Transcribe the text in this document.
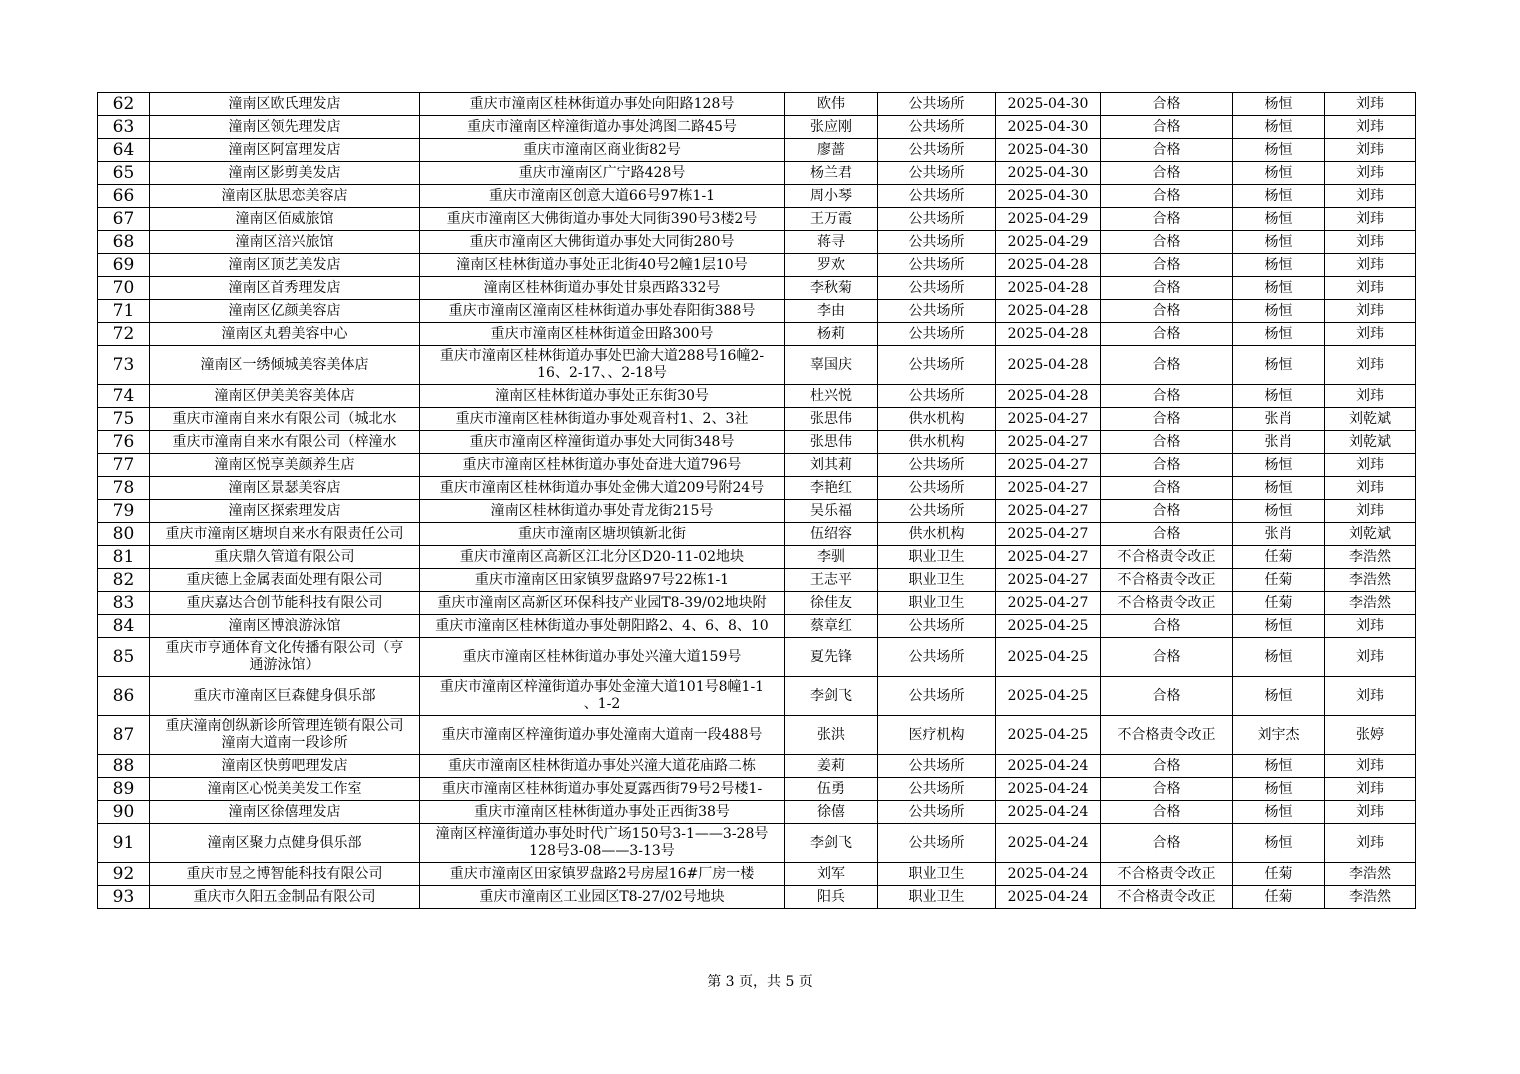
62	潼南区欧氏理发店	重庆市潼南区桂林街道办事处向阳路128号	欧伟	公共场所	2025-04-30	合格	杨恒	刘玮
63	潼南区领先理发店	重庆市潼南区梓潼街道办事处鸿图二路45号	张应刚	公共场所	2025-04-30	合格	杨恒	刘玮
64	潼南区阿富理发店	重庆市潼南区商业街82号	廖蔷	公共场所	2025-04-30	合格	杨恒	刘玮
65	潼南区影剪美发店	重庆市潼南区广宁路428号	杨兰君	公共场所	2025-04-30	合格	杨恒	刘玮
66	潼南区肽思恋美容店	重庆市潼南区创意大道66号97栋1-1	周小琴	公共场所	2025-04-30	合格	杨恒	刘玮
67	潼南区佰威旅馆	重庆市潼南区大佛街道办事处大同街390号3楼2号	王万霞	公共场所	2025-04-29	合格	杨恒	刘玮
68	潼南区涪兴旅馆	重庆市潼南区大佛街道办事处大同街280号	蒋寻	公共场所	2025-04-29	合格	杨恒	刘玮
69	潼南区顶艺美发店	潼南区桂林街道办事处正北街40号2幢1层10号	罗欢	公共场所	2025-04-28	合格	杨恒	刘玮
70	潼南区首秀理发店	潼南区桂林街道办事处甘泉西路332号	李秋菊	公共场所	2025-04-28	合格	杨恒	刘玮
71	潼南区亿颜美容店	重庆市潼南区潼南区桂林街道办事处春阳街388号	李由	公共场所	2025-04-28	合格	杨恒	刘玮
72	潼南区丸碧美容中心	重庆市潼南区桂林街道金田路300号	杨莉	公共场所	2025-04-28	合格	杨恒	刘玮
73	潼南区一绣倾城美容美体店	重庆市潼南区桂林街道办事处巴渝大道288号16幢2-
16、2-17、、2-18号	辜国庆	公共场所	2025-04-28	合格	杨恒	刘玮
74	潼南区伊美美容美体店	潼南区桂林街道办事处正东街30号	杜兴悦	公共场所	2025-04-28	合格	杨恒	刘玮
75	重庆市潼南自来水有限公司（城北水	重庆市潼南区桂林街道办事处观音村1、2、3社	张思伟	供水机构	2025-04-27	合格	张肖	刘乾斌
76	重庆市潼南自来水有限公司（梓潼水	重庆市潼南区梓潼街道办事处大同街348号	张思伟	供水机构	2025-04-27	合格	张肖	刘乾斌
77	潼南区悦享美颜养生店	重庆市潼南区桂林街道办事处奋进大道796号	刘其莉	公共场所	2025-04-27	合格	杨恒	刘玮
78	潼南区景瑟美容店	重庆市潼南区桂林街道办事处金佛大道209号附24号	李艳红	公共场所	2025-04-27	合格	杨恒	刘玮
79	潼南区探索理发店	潼南区桂林街道办事处青龙街215号	吴乐福	公共场所	2025-04-27	合格	杨恒	刘玮
80	重庆市潼南区塘坝自来水有限责任公司	重庆市潼南区塘坝镇新北街	伍绍容	供水机构	2025-04-27	合格	张肖	刘乾斌
81	重庆鼎久管道有限公司	重庆市潼南区高新区江北分区D20-11-02地块	李驯	职业卫生	2025-04-27	不合格责令改正	任菊	李浩然
82	重庆德上金属表面处理有限公司	重庆市潼南区田家镇罗盘路97号22栋1-1	王志平	职业卫生	2025-04-27	不合格责令改正	任菊	李浩然
83	重庆嘉达合创节能科技有限公司	重庆市潼南区高新区环保科技产业园T8-39/02地块附	徐佳友	职业卫生	2025-04-27	不合格责令改正	任菊	李浩然
84	潼南区博浪游泳馆	重庆市潼南区桂林街道办事处朝阳路2、4、6、8、10	蔡章红	公共场所	2025-04-25	合格	杨恒	刘玮
85	重庆市亨通体育文化传播有限公司（亨
通游泳馆）	重庆市潼南区桂林街道办事处兴潼大道159号	夏先锋	公共场所	2025-04-25	合格	杨恒	刘玮
86	重庆市潼南区巨森健身俱乐部	重庆市潼南区梓潼街道办事处金潼大道101号8幢1-1
、1-2	李剑飞	公共场所	2025-04-25	合格	杨恒	刘玮
87	重庆潼南创纵新诊所管理连锁有限公司
潼南大道南一段诊所	重庆市潼南区梓潼街道办事处潼南大道南一段488号	张洪	医疗机构	2025-04-25	不合格责令改正	刘宇杰	张婷
88	潼南区快剪吧理发店	重庆市潼南区桂林街道办事处兴潼大道花庙路二栋	姜莉	公共场所	2025-04-24	合格	杨恒	刘玮
89	潼南区心悦美美发工作室	重庆市潼南区桂林街道办事处夏露西街79号2号楼1-	伍勇	公共场所	2025-04-24	合格	杨恒	刘玮
90	潼南区徐僖理发店	重庆市潼南区桂林街道办事处正西街38号	徐僖	公共场所	2025-04-24	合格	杨恒	刘玮
91	潼南区聚力点健身俱乐部	潼南区梓潼街道办事处时代广场150号3-1——3-28号
128号3-08——3-13号	李剑飞	公共场所	2025-04-24	合格	杨恒	刘玮
92	重庆市昱之博智能科技有限公司	重庆市潼南区田家镇罗盘路2号房屋16#厂房一楼	刘军	职业卫生	2025-04-24	不合格责令改正	任菊	李浩然
93	重庆市久阳五金制品有限公司	重庆市潼南区工业园区T8-27/02号地块	阳兵	职业卫生	2025-04-24	不合格责令改正	任菊	李浩然
第 3 页，共 5 页
